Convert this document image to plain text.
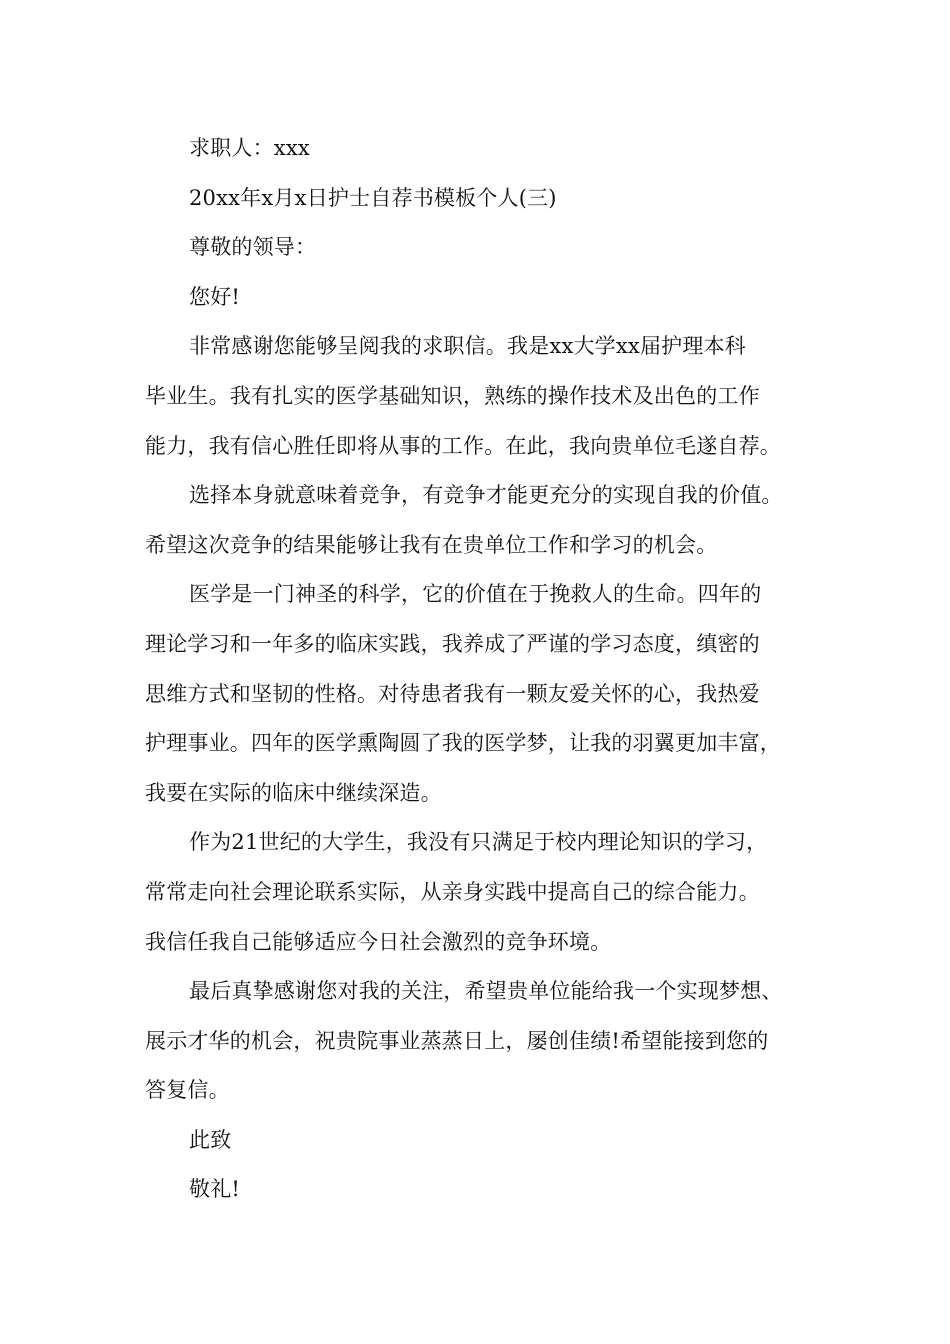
求职人：xxx
20xx年x月x日护士自荐书模板个人(三)
尊敬的领导：
您好!
非常感谢您能够呈阅我的求职信。我是xx大学xx届护理本科
毕业生。我有扎实的医学基础知识，熟练的操作技术及出色的工作
能力，我有信心胜任即将从事的工作。在此，我向贵单位毛遂自荐。
选择本身就意味着竞争，有竞争才能更充分的实现自我的价值。
希望这次竞争的结果能够让我有在贵单位工作和学习的机会。
医学是一门神圣的科学，它的价值在于挽救人的生命。四年的
理论学习和一年多的临床实践，我养成了严谨的学习态度，缜密的
思维方式和坚韧的性格。对待患者我有一颗友爱关怀的心，我热爱
护理事业。四年的医学熏陶圆了我的医学梦，让我的羽翼更加丰富，
我要在实际的临床中继续深造。
作为21世纪的大学生，我没有只满足于校内理论知识的学习，
常常走向社会理论联系实际，从亲身实践中提高自己的综合能力。
我信任我自己能够适应今日社会激烈的竞争环境。
最后真挚感谢您对我的关注，希望贵单位能给我一个实现梦想、
展示才华的机会，祝贵院事业蒸蒸日上，屡创佳绩!希望能接到您的
答复信。
此致
敬礼!
